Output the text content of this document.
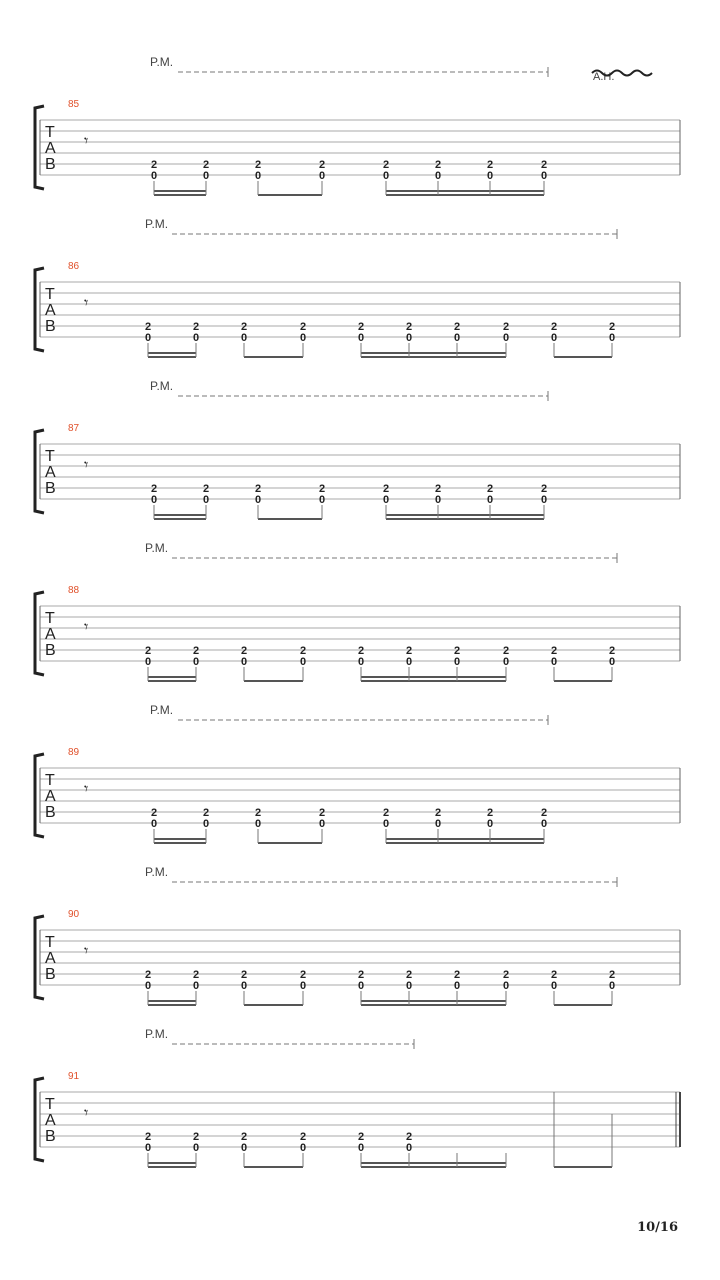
P.M.
85
T
A
B
𝄾
2
0
2
0
2
0
2
0
2
0
2
0
2
0
2
0
P.M.
86
T
A
B
𝄾
2
0
2
0
2
0
2
0
2
0
2
0
2
0
2
0
2
0
2
0
P.M.
87
T
A
B
𝄾
2
0
2
0
2
0
2
0
2
0
2
0
2
0
2
0
P.M.
88
T
A
B
𝄾
2
0
2
0
2
0
2
0
2
0
2
0
2
0
2
0
2
0
2
0
P.M.
89
T
A
B
𝄾
2
0
2
0
2
0
2
0
2
0
2
0
2
0
2
0
P.M.
90
T
A
B
𝄾
2
0
2
0
2
0
2
0
2
0
2
0
2
0
2
0
2
0
2
0
P.M.
91
T
A
B
𝄾
2
0
2
0
2
0
2
0
2
0
2
0
A.H.
10/16
